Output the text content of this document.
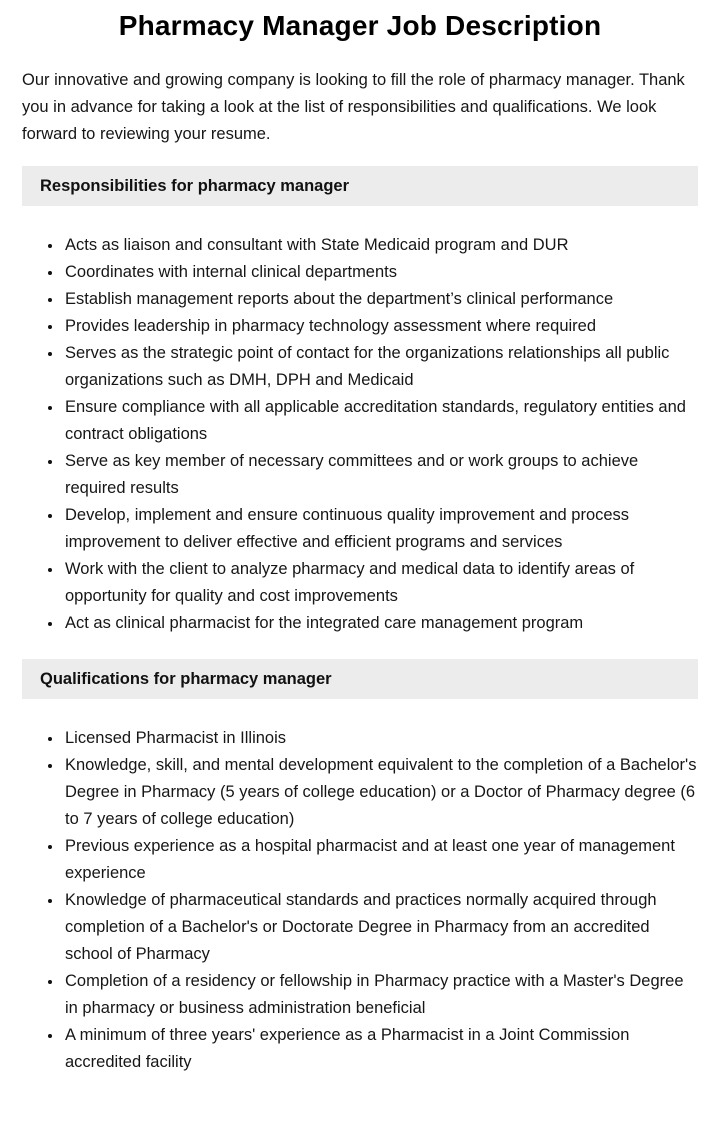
Pharmacy Manager Job Description

Our innovative and growing company is looking to fill the role of pharmacy manager. Thank you in advance for taking a look at the list of responsibilities and qualifications. We look forward to reviewing your resume.

Responsibilities for pharmacy manager
• Acts as liaison and consultant with State Medicaid program and DUR
• Coordinates with internal clinical departments
• Establish management reports about the department’s clinical performance
• Provides leadership in pharmacy technology assessment where required
• Serves as the strategic point of contact for the organizations relationships all public organizations such as DMH, DPH and Medicaid
• Ensure compliance with all applicable accreditation standards, regulatory entities and contract obligations
• Serve as key member of necessary committees and or work groups to achieve required results
• Develop, implement and ensure continuous quality improvement and process improvement to deliver effective and efficient programs and services
• Work with the client to analyze pharmacy and medical data to identify areas of opportunity for quality and cost improvements
• Act as clinical pharmacist for the integrated care management program
Qualifications for pharmacy manager
• Licensed Pharmacist in Illinois
• Knowledge, skill, and mental development equivalent to the completion of a Bachelor's Degree in Pharmacy (5 years of college education) or a Doctor of Pharmacy degree (6 to 7 years of college education)
• Previous experience as a hospital pharmacist and at least one year of management experience
• Knowledge of pharmaceutical standards and practices normally acquired through completion of a Bachelor's or Doctorate Degree in Pharmacy from an accredited school of Pharmacy
• Completion of a residency or fellowship in Pharmacy practice with a Master's Degree in pharmacy or business administration beneficial
• A minimum of three years' experience as a Pharmacist in a Joint Commission accredited facility
